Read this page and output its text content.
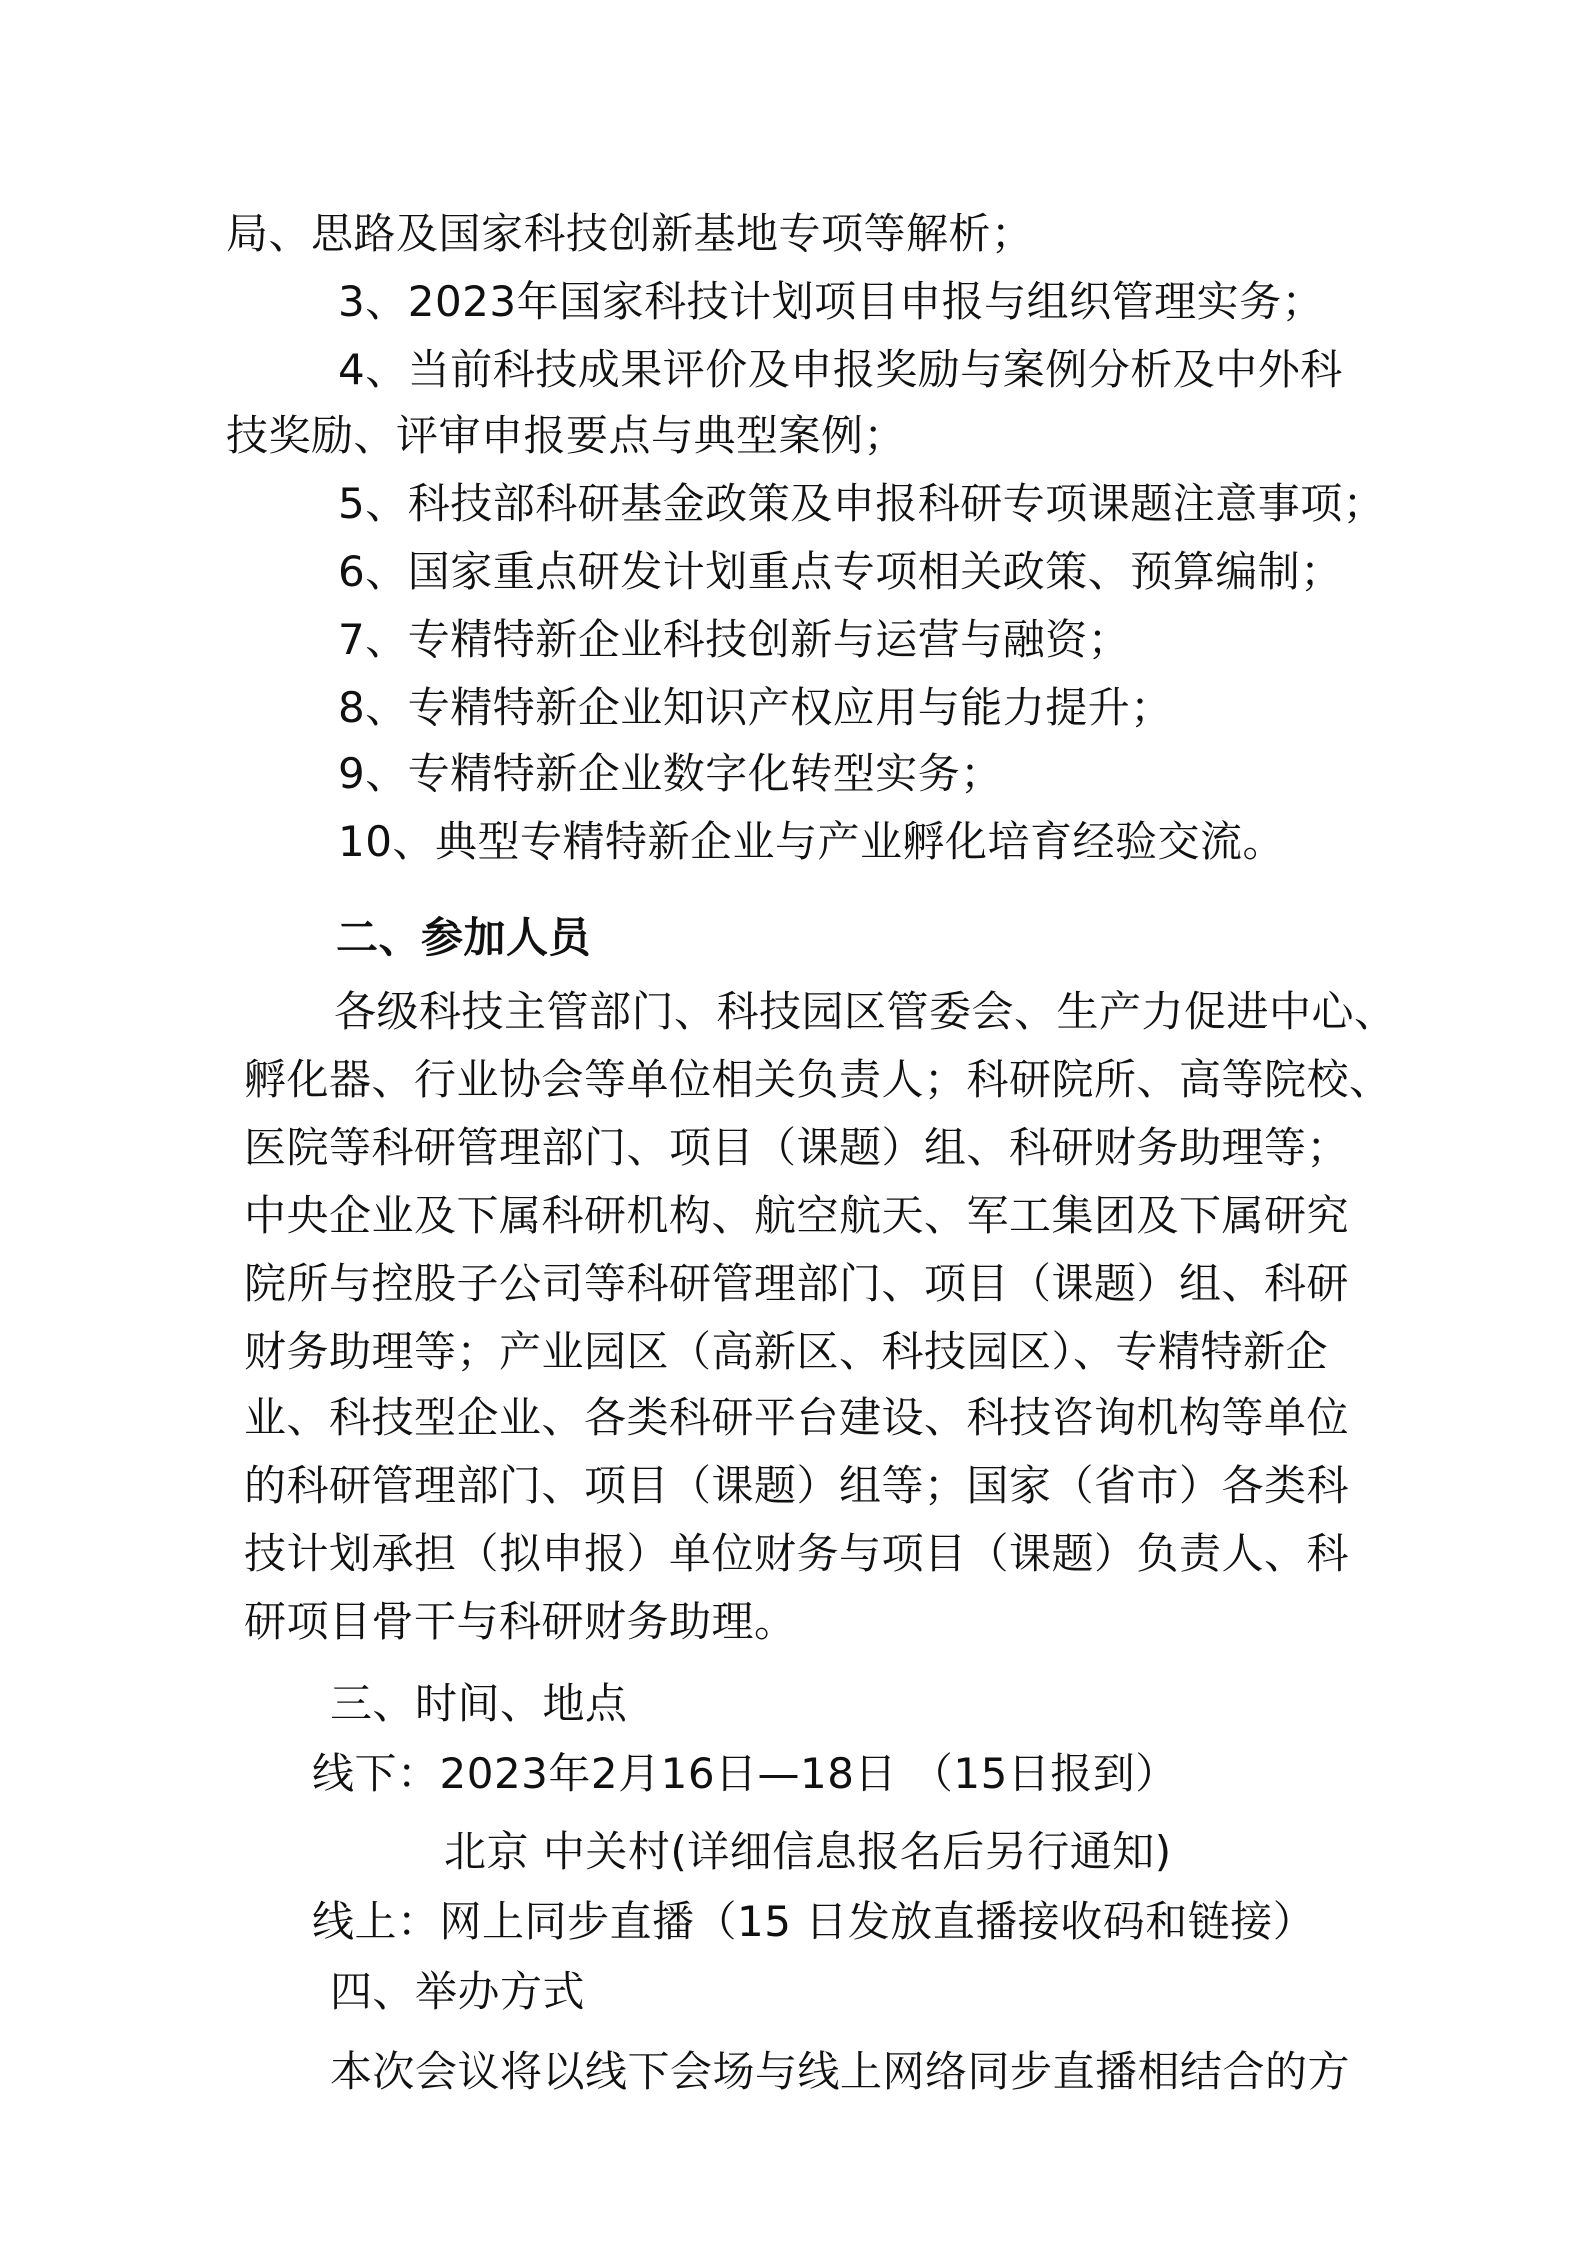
局、思路及国家科技创新基地专项等解析；
3、2023年国家科技计划项目申报与组织管理实务；
4、当前科技成果评价及申报奖励与案例分析及中外科
技奖励、评审申报要点与典型案例；
5、科技部科研基金政策及申报科研专项课题注意事项；
6、国家重点研发计划重点专项相关政策、预算编制；
7、专精特新企业科技创新与运营与融资；
8、专精特新企业知识产权应用与能力提升；
9、专精特新企业数字化转型实务；
10、典型专精特新企业与产业孵化培育经验交流。
二、参加人员
各级科技主管部门、科技园区管委会、生产力促进中心、
孵化器、行业协会等单位相关负责人；科研院所、高等院校、
医院等科研管理部门、项目（课题）组、科研财务助理等；
中央企业及下属科研机构、航空航天、军工集团及下属研究
院所与控股子公司等科研管理部门、项目（课题）组、科研
财务助理等；产业园区（高新区、科技园区）、专精特新企
业、科技型企业、各类科研平台建设、科技咨询机构等单位
的科研管理部门、项目（课题）组等；国家（省市）各类科
技计划承担（拟申报）单位财务与项目（课题）负责人、科
研项目骨干与科研财务助理。
三、时间、地点
线下：2023年2月16日—18日 （15日报到）
北京 中关村(详细信息报名后另行通知)
线上：网上同步直播（15 日发放直播接收码和链接）
四、举办方式
本次会议将以线下会场与线上网络同步直播相结合的方
